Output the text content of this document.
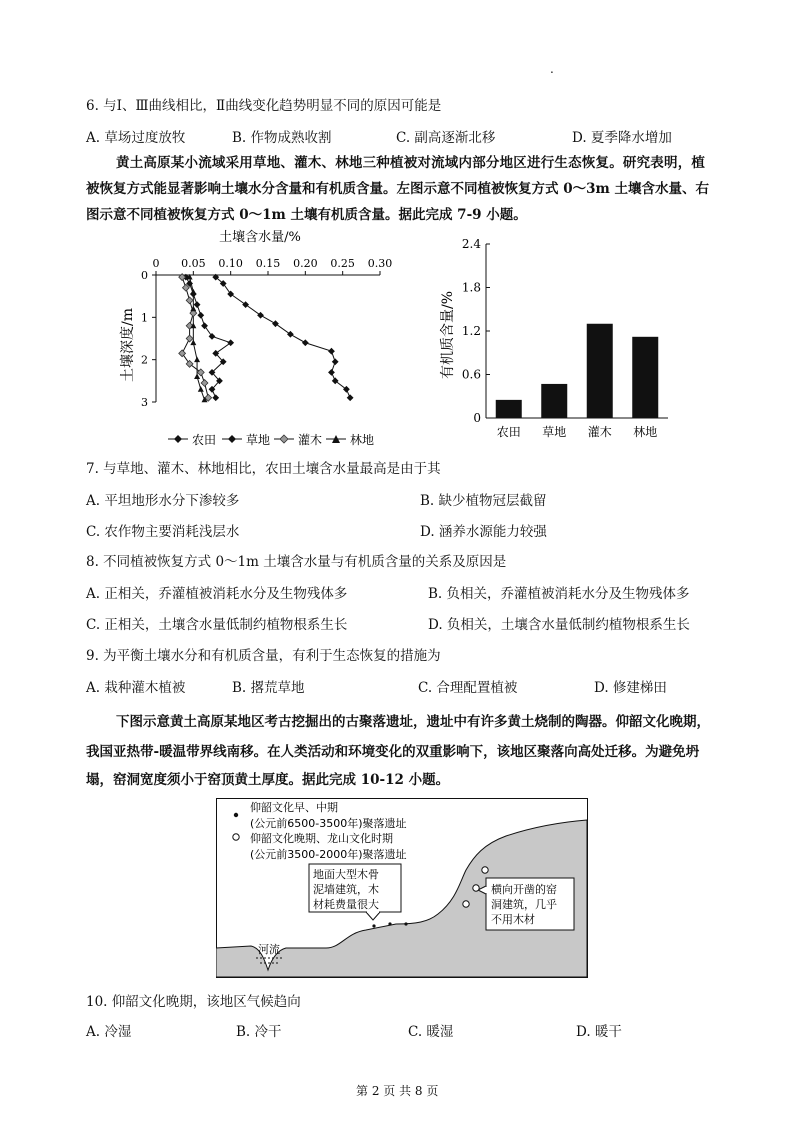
.
6. 与Ⅰ、Ⅲ曲线相比，Ⅱ曲线变化趋势明显不同的原因可能是
A. 草场过度放牧	B. 作物成熟收割	C. 副高逐渐北移	D. 夏季降水增加
黄土高原某小流域采用草地、灌木、林地三种植被对流域内部分地区进行生态恢复。研究表明，植
被恢复方式能显著影响土壤水分含量和有机质含量。左图示意不同植被恢复方式 0～3m 土壤含水量、右
图示意不同植被恢复方式 0～1m 土壤有机质含量。据此完成 7-9 小题。
土壤含水量/%
0 0.05 0.10 0.15 0.20 0.25 0.30
0
1
2
3
土壤深度/m
农田 草地 灌木 林地
有机质含量/%
0
0.6
1.2
1.8
2.4
农田 草地 灌木 林地
7. 与草地、灌木、林地相比，农田土壤含水量最高是由于其
A. 平坦地形水分下渗较多	B. 缺少植物冠层截留
C. 农作物主要消耗浅层水	D. 涵养水源能力较强
8. 不同植被恢复方式 0～1m 土壤含水量与有机质含量的关系及原因是
A. 正相关，乔灌植被消耗水分及生物残体多	B. 负相关，乔灌植被消耗水分及生物残体多
C. 正相关，土壤含水量低制约植物根系生长	D. 负相关，土壤含水量低制约植物根系生长
9. 为平衡土壤水分和有机质含量，有利于生态恢复的措施为
A. 栽种灌木植被	B. 撂荒草地	C. 合理配置植被	D. 修建梯田
下图示意黄土高原某地区考古挖掘出的古聚落遗址，遗址中有许多黄土烧制的陶器。仰韶文化晚期，
我国亚热带-暖温带界线南移。在人类活动和环境变化的双重影响下，该地区聚落向高处迁移。为避免坍
塌，窑洞宽度须小于窑顶黄土厚度。据此完成 10-12 小题。
河流
仰韶文化早、中期
(公元前6500-3500年)聚落遗址
仰韶文化晚期、龙山文化时期
(公元前3500-2000年)聚落遗址
地面大型木骨
泥墙建筑，木
材耗费量很大
横向开凿的窑
洞建筑，几乎
不用木材
10. 仰韶文化晚期，该地区气候趋向
A. 冷湿	B. 冷干	C. 暖湿	D. 暖干
第 2 页 共 8 页
